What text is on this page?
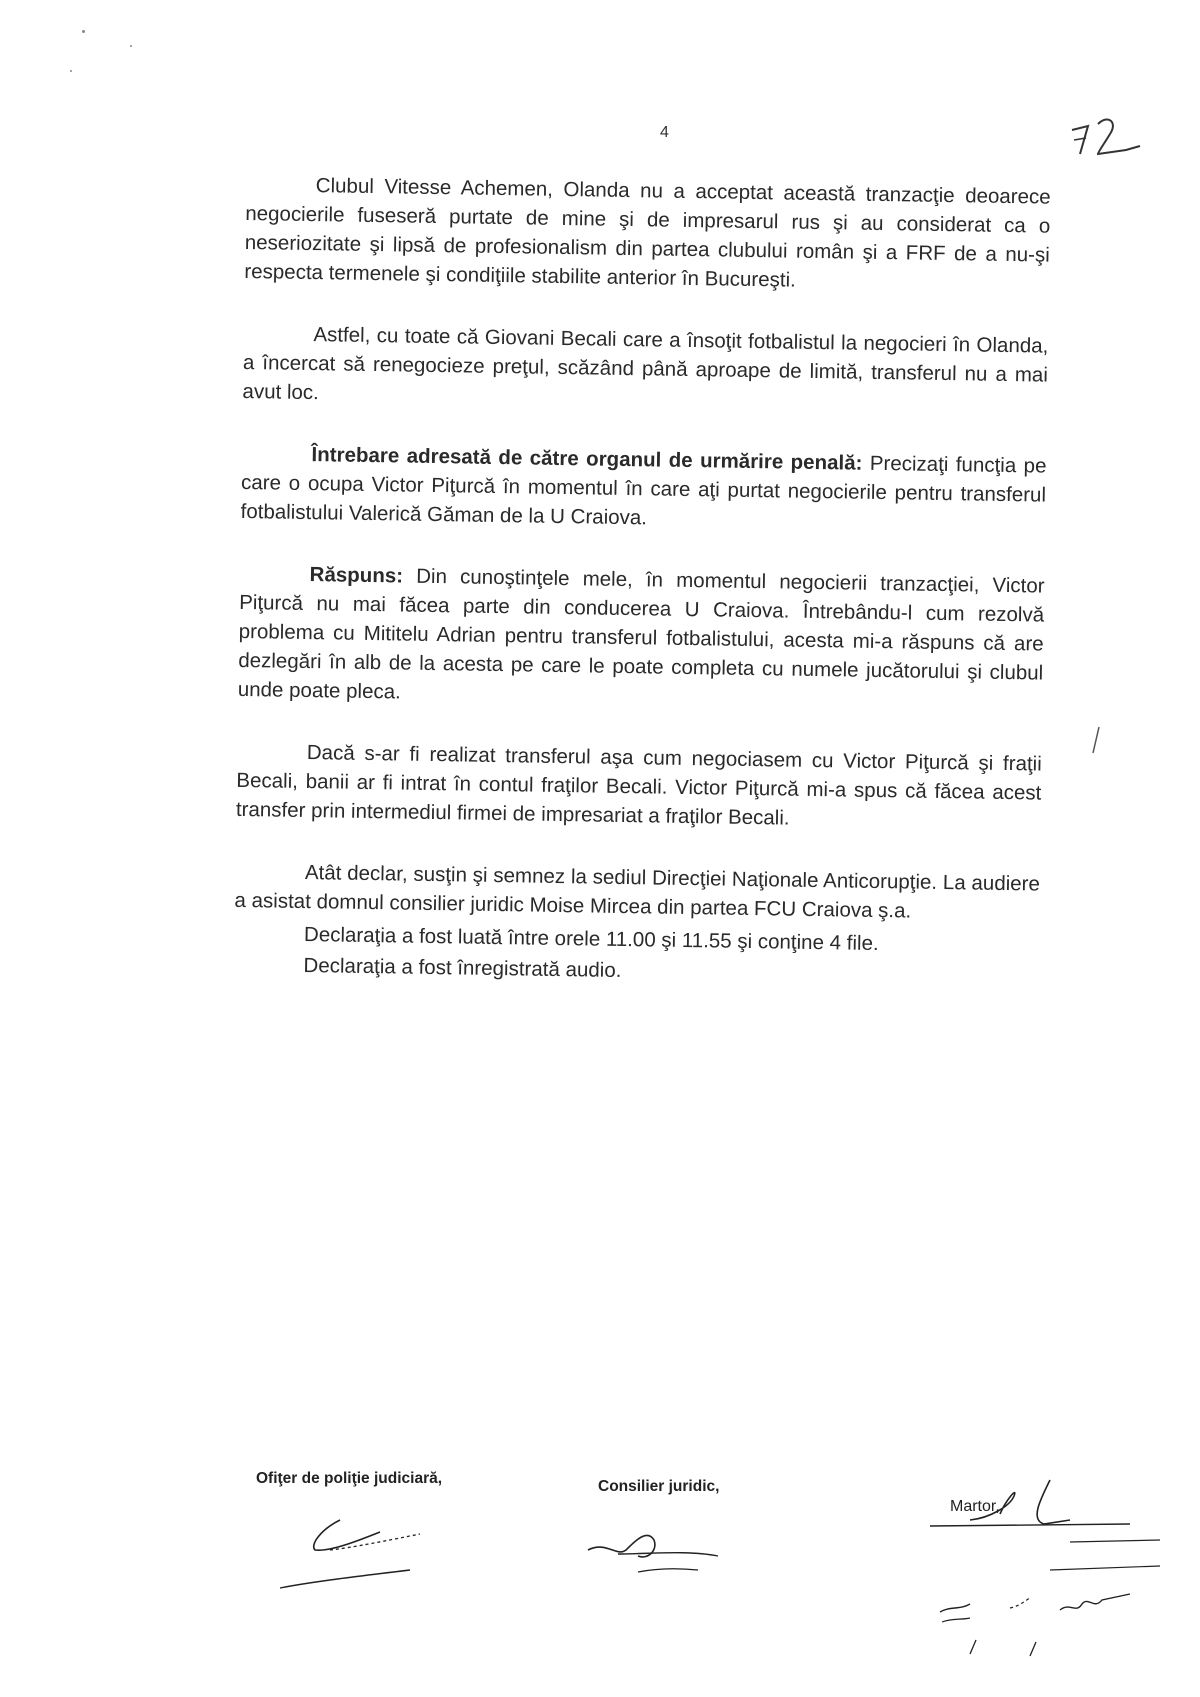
4

Clubul Vitesse Achemen, Olanda nu a acceptat această tranzacţie deoarece negocierile fuseseră purtate de mine şi de impresarul rus şi au considerat ca o neseriozitate şi lipsă de profesionalism din partea clubului român şi a FRF de a nu-şi respecta termenele şi condiţiile stabilite anterior în Bucureşti.

Astfel, cu toate că Giovani Becali care a însoţit fotbalistul la negocieri în Olanda, a încercat să renegocieze preţul, scăzând până aproape de limită, transferul nu a mai avut loc.

Întrebare adresată de către organul de urmărire penală: Precizaţi funcţia pe care o ocupa Victor Piţurcă în momentul în care aţi purtat negocierile pentru transferul fotbalistului Valerică Găman de la U Craiova.

Răspuns: Din cunoştinţele mele, în momentul negocierii tranzacţiei, Victor Piţurcă nu mai făcea parte din conducerea U Craiova. Întrebându-l cum rezolvă problema cu Mititelu Adrian pentru transferul fotbalistului, acesta mi-a răspuns că are dezlegări în alb de la acesta pe care le poate completa cu numele jucătorului şi clubul unde poate pleca.

Dacă s-ar fi realizat transferul aşa cum negociasem cu Victor Piţurcă şi fraţii Becali, banii ar fi intrat în contul fraţilor Becali. Victor Piţurcă mi-a spus că făcea acest transfer prin intermediul firmei de impresariat a fraţilor Becali.

Atât declar, susţin şi semnez la sediul Direcţiei Naţionale Anticorupţie. La audiere a asistat domnul consilier juridic Moise Mircea din partea FCU Craiova ş.a.

Declaraţia a fost luată între orele 11.00 şi 11.55 şi conţine 4 file.

Declaraţia a fost înregistrată audio.

Ofiţer de poliţie judiciară,	Consilier juridic,
Martor,
